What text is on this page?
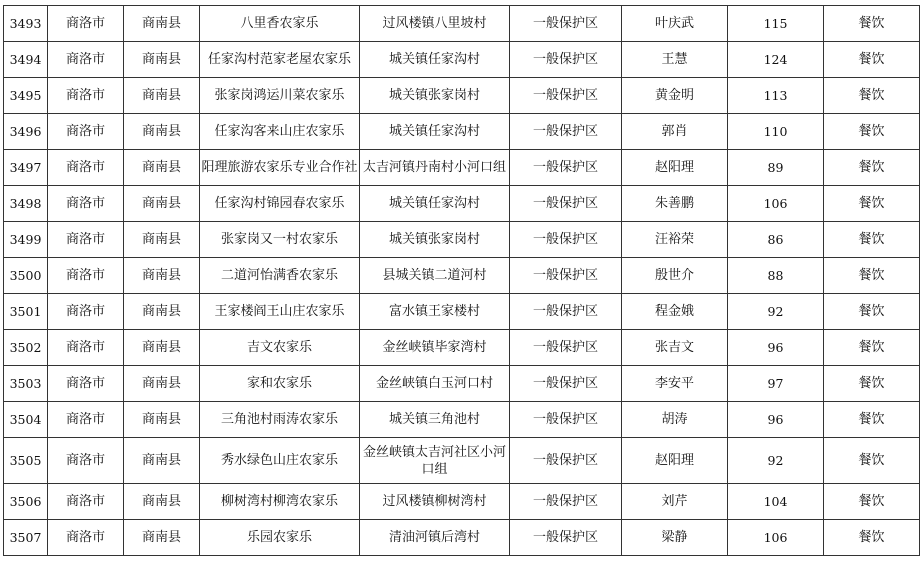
3493	商洛市	商南县	八里香农家乐	过风楼镇八里坡村	一般保护区	叶庆武	115	餐饮
3494	商洛市	商南县	任家沟村范家老屋农家乐	城关镇任家沟村	一般保护区	王慧	124	餐饮
3495	商洛市	商南县	张家岗鸿运川菜农家乐	城关镇张家岗村	一般保护区	黄金明	113	餐饮
3496	商洛市	商南县	任家沟客来山庄农家乐	城关镇任家沟村	一般保护区	郭肖	110	餐饮
3497	商洛市	商南县	阳理旅游农家乐专业合作社	太吉河镇丹南村小河口组	一般保护区	赵阳理	89	餐饮
3498	商洛市	商南县	任家沟村锦园春农家乐	城关镇任家沟村	一般保护区	朱善鹏	106	餐饮
3499	商洛市	商南县	张家岗又一村农家乐	城关镇张家岗村	一般保护区	汪裕荣	86	餐饮
3500	商洛市	商南县	二道河怡满香农家乐	县城关镇二道河村	一般保护区	殷世介	88	餐饮
3501	商洛市	商南县	王家楼阎王山庄农家乐	富水镇王家楼村	一般保护区	程金娥	92	餐饮
3502	商洛市	商南县	吉文农家乐	金丝峡镇毕家湾村	一般保护区	张吉文	96	餐饮
3503	商洛市	商南县	家和农家乐	金丝峡镇白玉河口村	一般保护区	李安平	97	餐饮
3504	商洛市	商南县	三角池村雨涛农家乐	城关镇三角池村	一般保护区	胡涛	96	餐饮
3505	商洛市	商南县	秀水绿色山庄农家乐	金丝峡镇太吉河社区小河口组	一般保护区	赵阳理	92	餐饮
3506	商洛市	商南县	柳树湾村柳湾农家乐	过风楼镇柳树湾村	一般保护区	刘芹	104	餐饮
3507	商洛市	商南县	乐园农家乐	清油河镇后湾村	一般保护区	梁静	106	餐饮
